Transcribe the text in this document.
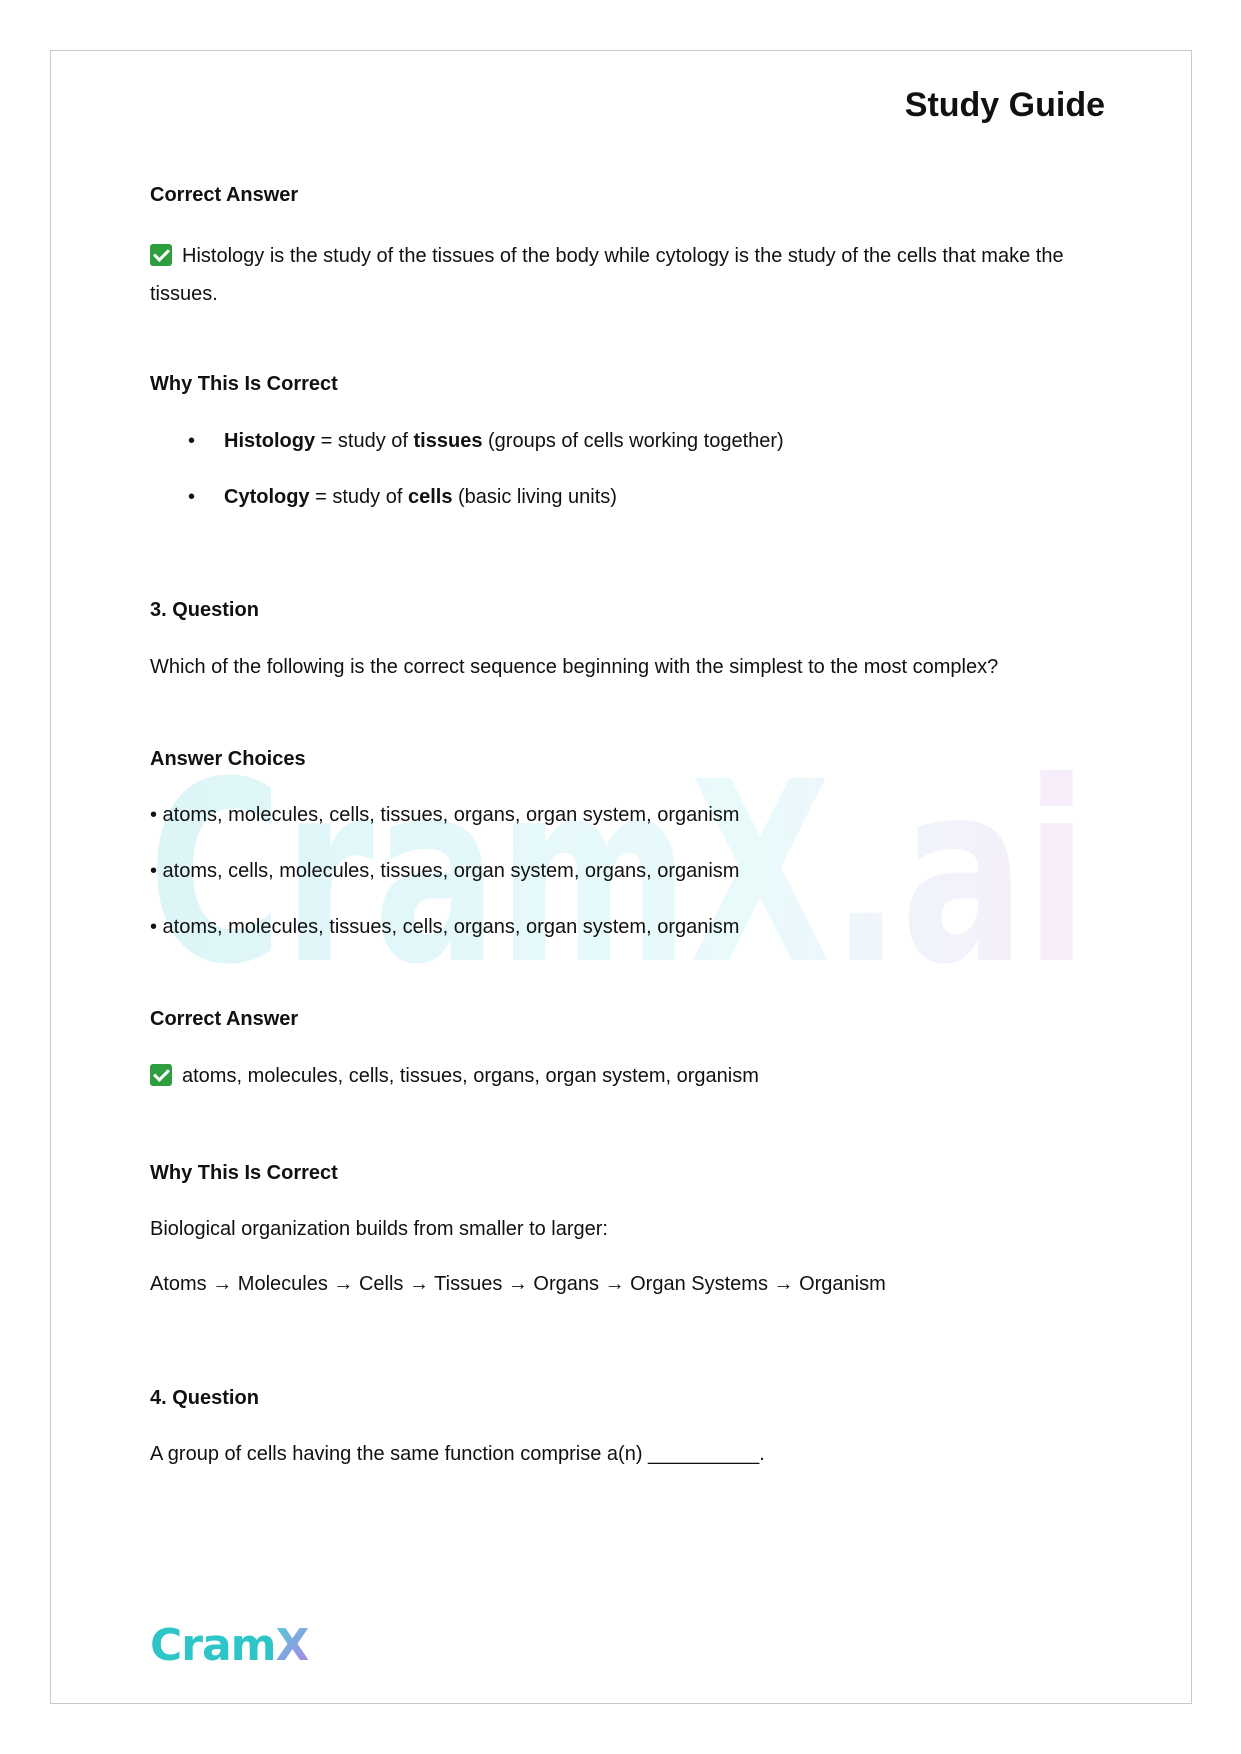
Study Guide
CramX.ai
Correct Answer

Histology is the study of the tissues of the body while cytology is the study of the cells that make the tissues.

Why This Is Correct
• Histology = study of tissues (groups of cells working together)
• Cytology = study of cells (basic living units)
3. Question
Which of the following is the correct sequence beginning with the simplest to the most complex?
Answer Choices
• atoms, molecules, cells, tissues, organs, organ system, organism
• atoms, cells, molecules, tissues, organ system, organs, organism
• atoms, molecules, tissues, cells, organs, organ system, organism
Correct Answer
atoms, molecules, cells, tissues, organs, organ system, organism
Why This Is Correct
Biological organization builds from smaller to larger:
Atoms → Molecules → Cells → Tissues → Organs → Organ Systems → Organism
4. Question
A group of cells having the same function comprise a(n) __________.
CramX
